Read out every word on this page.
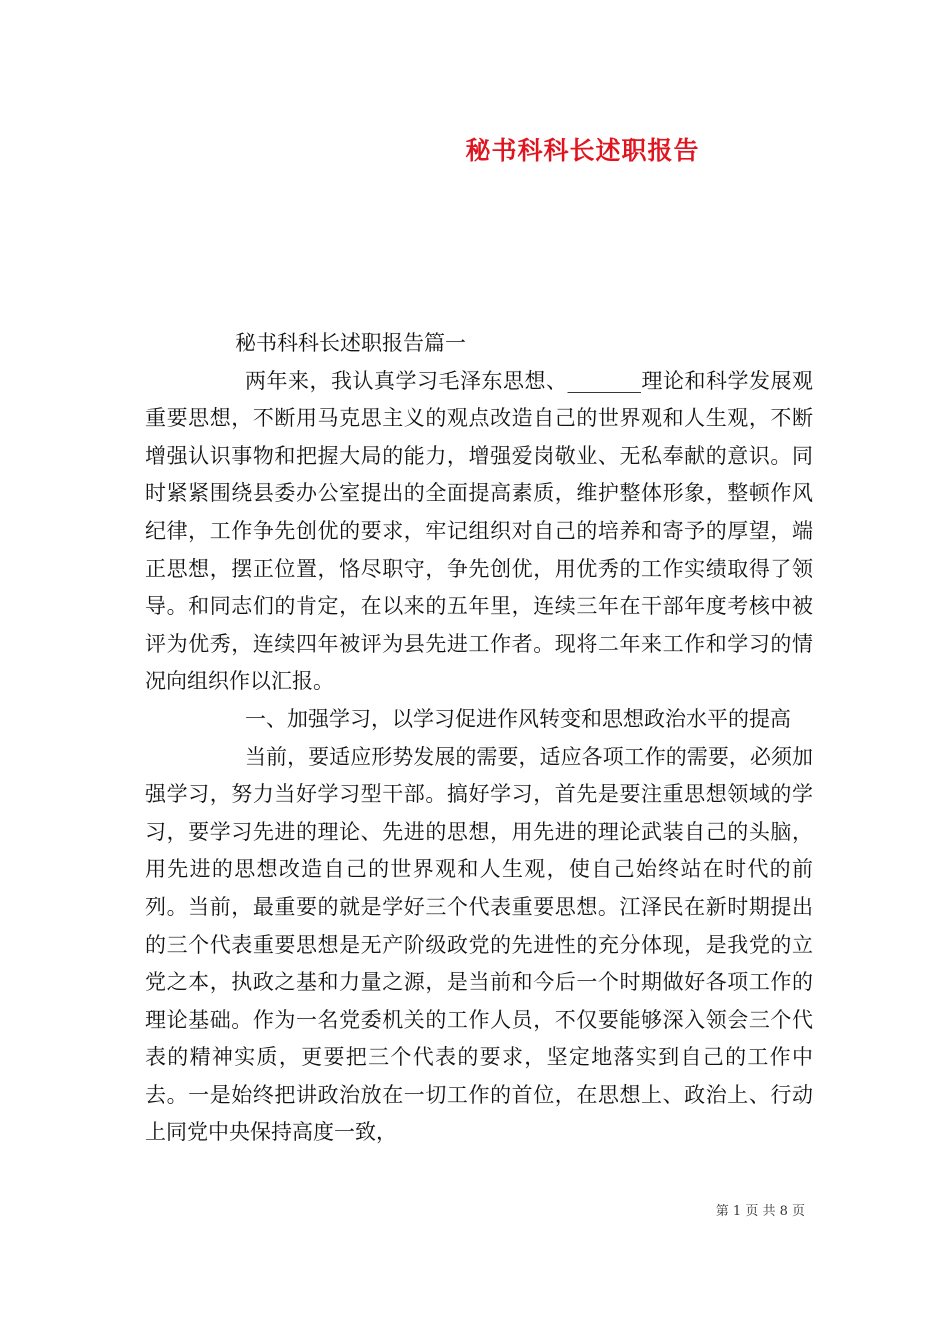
秘书科科长述职报告

秘书科科长述职报告篇一

两年来，我认真学习毛泽东思想、_______理论和科学发展观重要思想，不断用马克思主义的观点改造自己的世界观和人生观，不断增强认识事物和把握大局的能力，增强爱岗敬业、无私奉献的意识。同时紧紧围绕县委办公室提出的全面提高素质，维护整体形象，整顿作风纪律，工作争先创优的要求，牢记组织对自己的培养和寄予的厚望，端正思想，摆正位置，恪尽职守，争先创优，用优秀的工作实绩取得了领导。和同志们的肯定，在以来的五年里，连续三年在干部年度考核中被评为优秀，连续四年被评为县先进工作者。现将二年来工作和学习的情况向组织作以汇报。

一、加强学习，以学习促进作风转变和思想政治水平的提高

当前，要适应形势发展的需要，适应各项工作的需要，必须加强学习，努力当好学习型干部。搞好学习，首先是要注重思想领域的学习，要学习先进的理论、先进的思想，用先进的理论武装自己的头脑，用先进的思想改造自己的世界观和人生观，使自己始终站在时代的前列。当前，最重要的就是学好三个代表重要思想。江泽民在新时期提出的三个代表重要思想是无产阶级政党的先进性的充分体现，是我党的立党之本，执政之基和力量之源，是当前和今后一个时期做好各项工作的理论基础。作为一名党委机关的工作人员，不仅要能够深入领会三个代表的精神实质，更要把三个代表的要求，坚定地落实到自己的工作中去。一是始终把讲政治放在一切工作的首位，在思想上、政治上、行动上同党中央保持高度一致，

第 1 页 共 8 页
